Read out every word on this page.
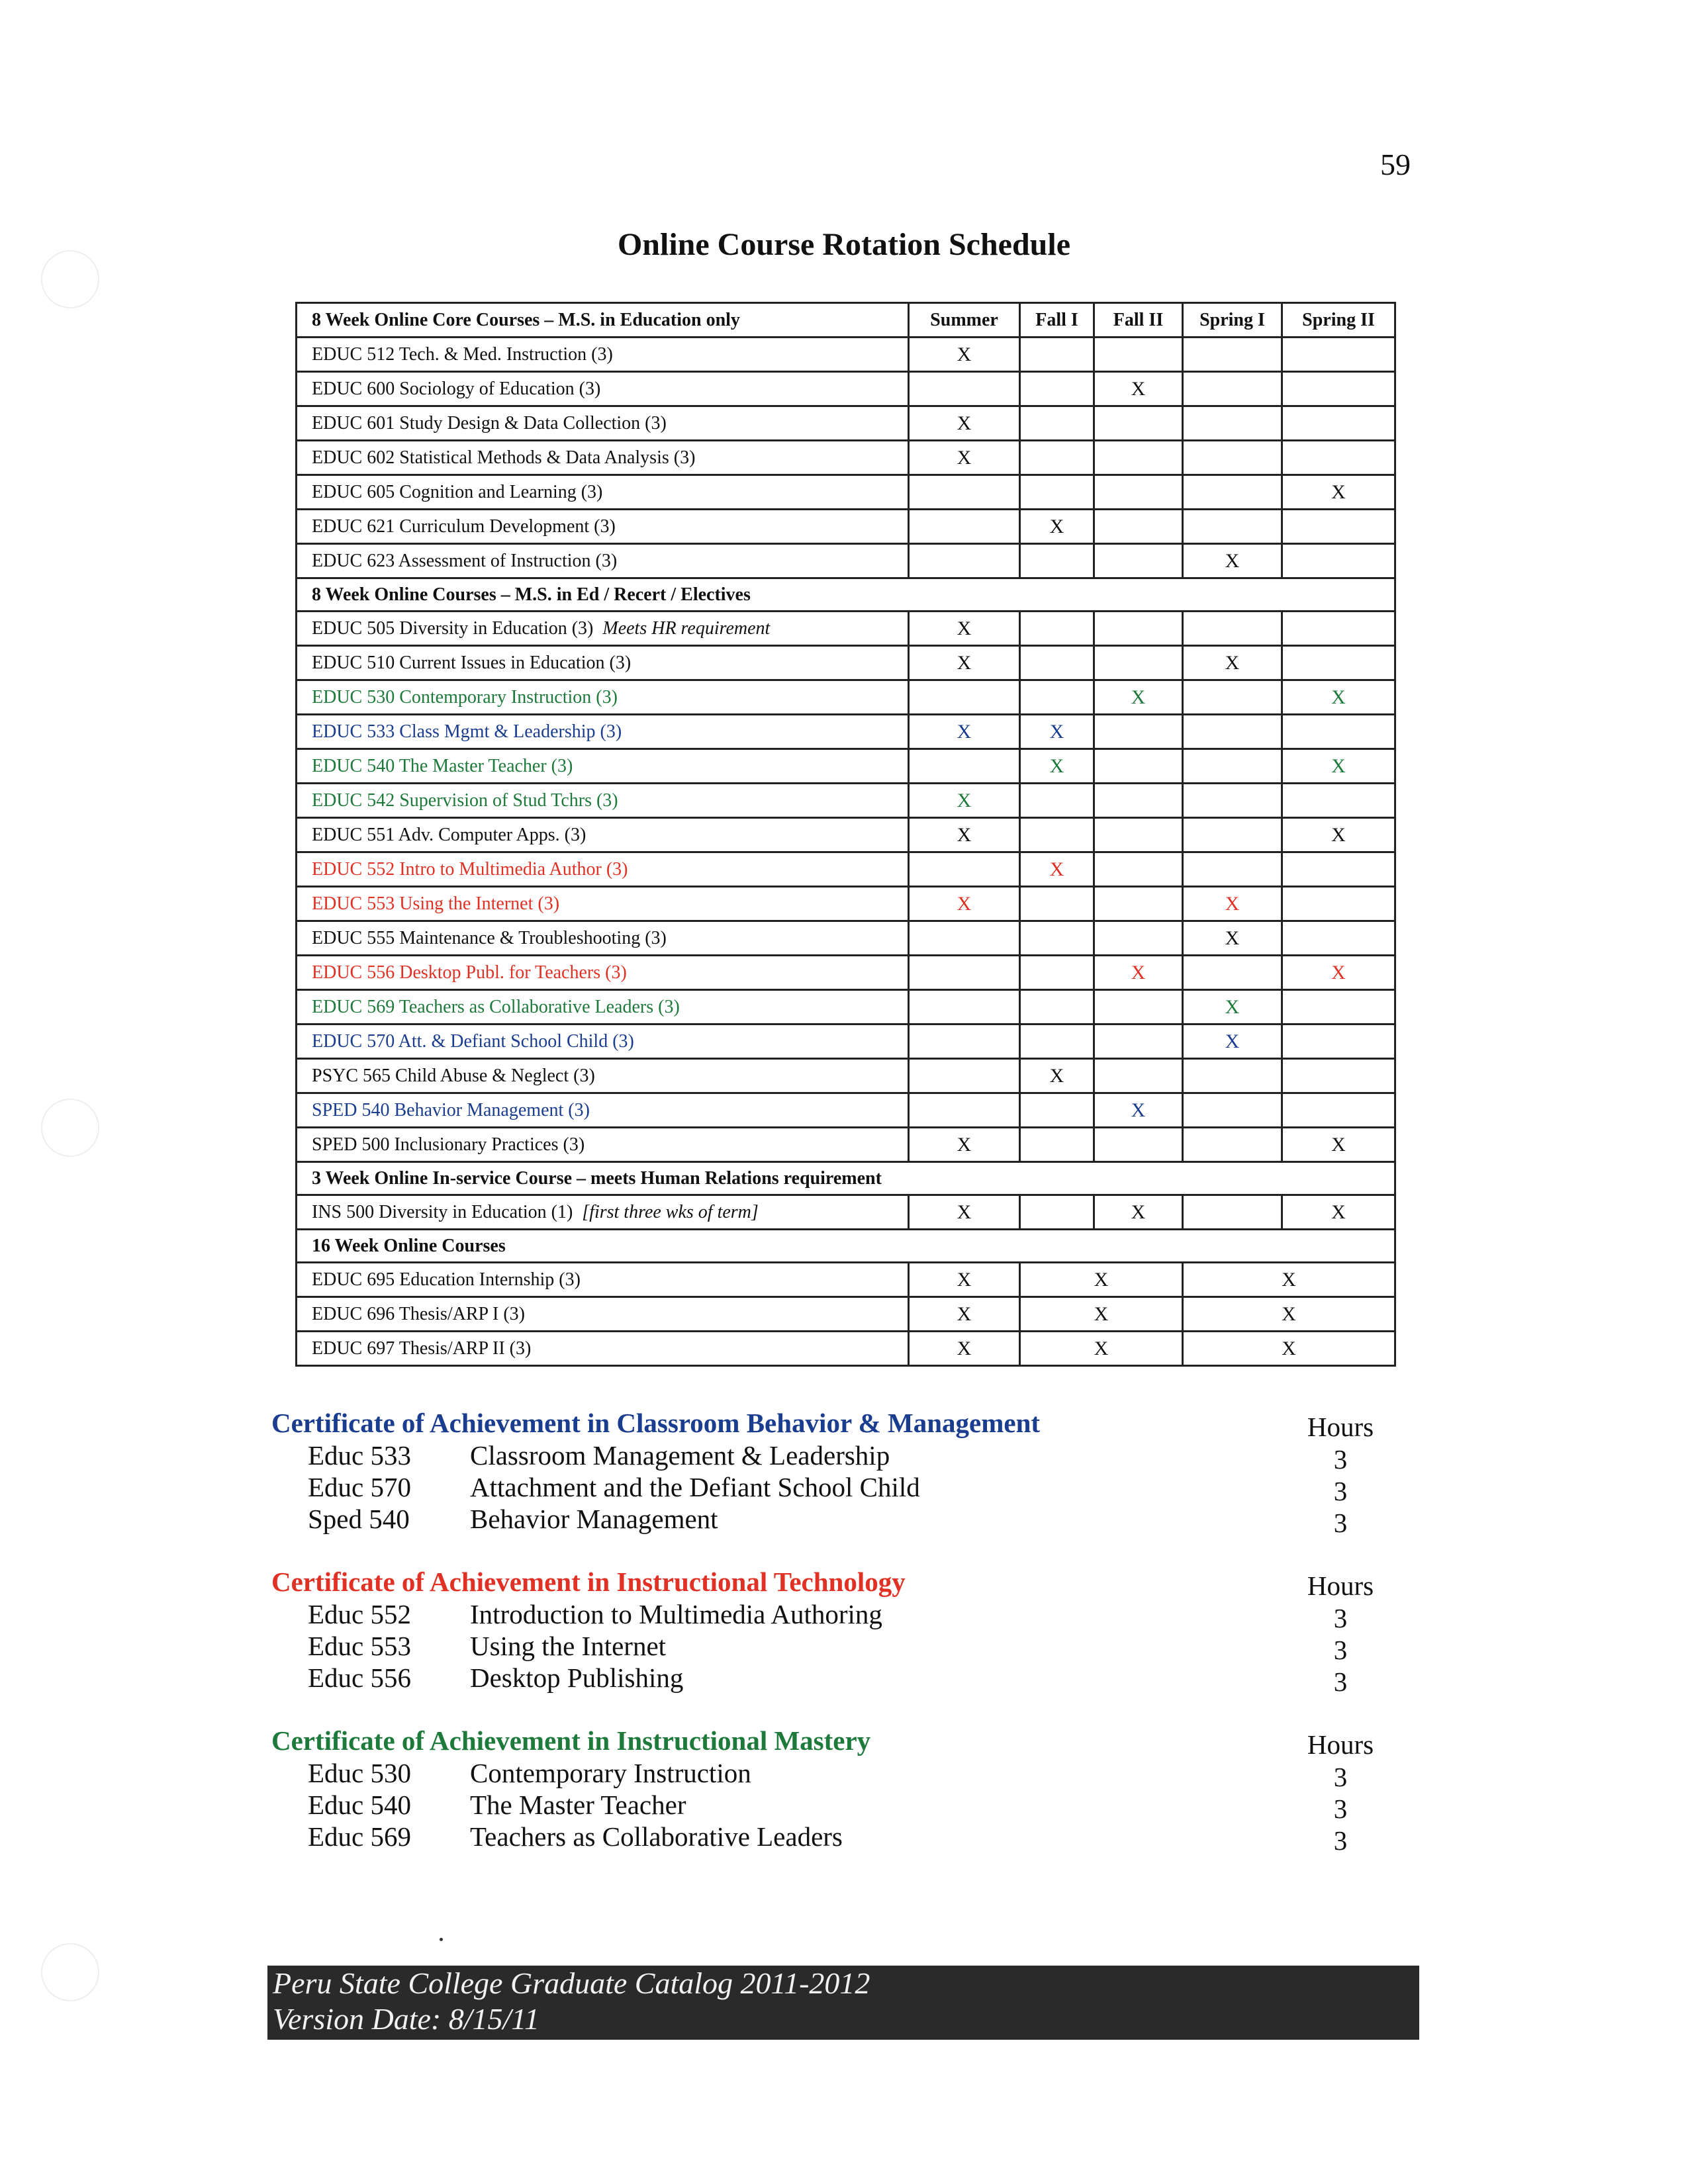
59
Online Course Rotation Schedule
8 Week Online Core Courses – M.S. in Education only	Summer	Fall I	Fall II	Spring I	Spring II
EDUC 512 Tech. & Med. Instruction (3)	X				
EDUC 600 Sociology of Education (3)			X		
EDUC 601 Study Design & Data Collection (3)	X				
EDUC 602 Statistical Methods & Data Analysis (3)	X				
EDUC 605 Cognition and Learning (3)					X
EDUC 621 Curriculum Development (3)		X			
EDUC 623 Assessment of Instruction (3)				X	
8 Week Online Courses – M.S. in Ed / Recert / Electives					
EDUC 505 Diversity in Education (3) Meets HR requirement	X				
EDUC 510 Current Issues in Education (3)	X			X	
EDUC 530 Contemporary Instruction (3)			X		X
EDUC 533 Class Mgmt & Leadership (3)	X	X			
EDUC 540 The Master Teacher (3)		X			X
EDUC 542 Supervision of Stud Tchrs (3)	X				
EDUC 551 Adv. Computer Apps. (3)	X				X
EDUC 552 Intro to Multimedia Author (3)		X			
EDUC 553 Using the Internet (3)	X			X	
EDUC 555 Maintenance & Troubleshooting (3)				X	
EDUC 556 Desktop Publ. for Teachers (3)			X		X
EDUC 569 Teachers as Collaborative Leaders (3)				X	
EDUC 570 Att. & Defiant School Child (3)				X	
PSYC 565 Child Abuse & Neglect (3)		X			
SPED 540 Behavior Management (3)			X		
SPED 500 Inclusionary Practices (3)	X				X
3 Week Online In-service Course – meets Human Relations requirement					
INS 500 Diversity in Education (1) [first three wks of term]	X		X		X
16 Week Online Courses					
EDUC 695 Education Internship (3)	X	X		X	
EDUC 696 Thesis/ARP I (3)	X	X		X	
EDUC 697 Thesis/ARP II (3)	X	X		X	
Certificate of Achievement in Classroom Behavior & Management	Hours
Educ 533 Classroom Management & Leadership	3
Educ 570 Attachment and the Defiant School Child	3
Sped 540 Behavior Management	3
Certificate of Achievement in Instructional Technology	Hours
Educ 552 Introduction to Multimedia Authoring	3
Educ 553 Using the Internet	3
Educ 556 Desktop Publishing	3
Certificate of Achievement in Instructional Mastery	Hours
Educ 530 Contemporary Instruction	3
Educ 540 The Master Teacher	3
Educ 569 Teachers as Collaborative Leaders	3
Peru State College Graduate Catalog 2011-2012
Version Date: 8/15/11
